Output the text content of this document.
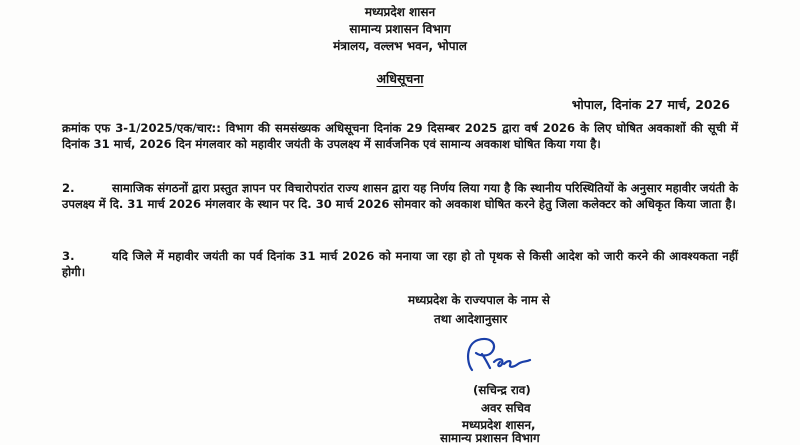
मध्यप्रदेश शासन
सामान्य प्रशासन विभाग
मंत्रालय, वल्लभ भवन, भोपाल
अधिसूचना
भोपाल, दिनांक 27 मार्च, 2026

क्रमांक एफ 3-1/2025/एक/चार:: विभाग की समसंख्यक अधिसूचना दिनांक 29 दिसम्बर 2025 द्वारा वर्ष 2026 के लिए घोषित अवकाशों की सूची में दिनांक 31 मार्च, 2026 दिन मंगलवार को महावीर जयंती के उपलक्ष्य में सार्वजनिक एवं सामान्य अवकाश घोषित किया गया है।

2.	सामाजिक संगठनों द्वारा प्रस्तुत ज्ञापन पर विचारोपरांत राज्य शासन द्वारा यह निर्णय लिया गया है कि स्थानीय परिस्थितियों के अनुसार महावीर जयंती के उपलक्ष्य में दि. 31 मार्च 2026 मंगलवार के स्थान पर दि. 30 मार्च 2026 सोमवार को अवकाश घोषित करने हेतु जिला कलेक्टर को अधिकृत किया जाता है।

3.	यदि जिले में महावीर जयंती का पर्व दिनांक 31 मार्च 2026 को मनाया जा रहा हो तो पृथक से किसी आदेश को जारी करने की आवश्यकता नहीं होगी।

मध्यप्रदेश के राज्यपाल के नाम से
तथा आदेशानुसार
(सचिन्द्र राव)
अवर सचिव
मध्यप्रदेश शासन,
सामान्य प्रशासन विभाग
